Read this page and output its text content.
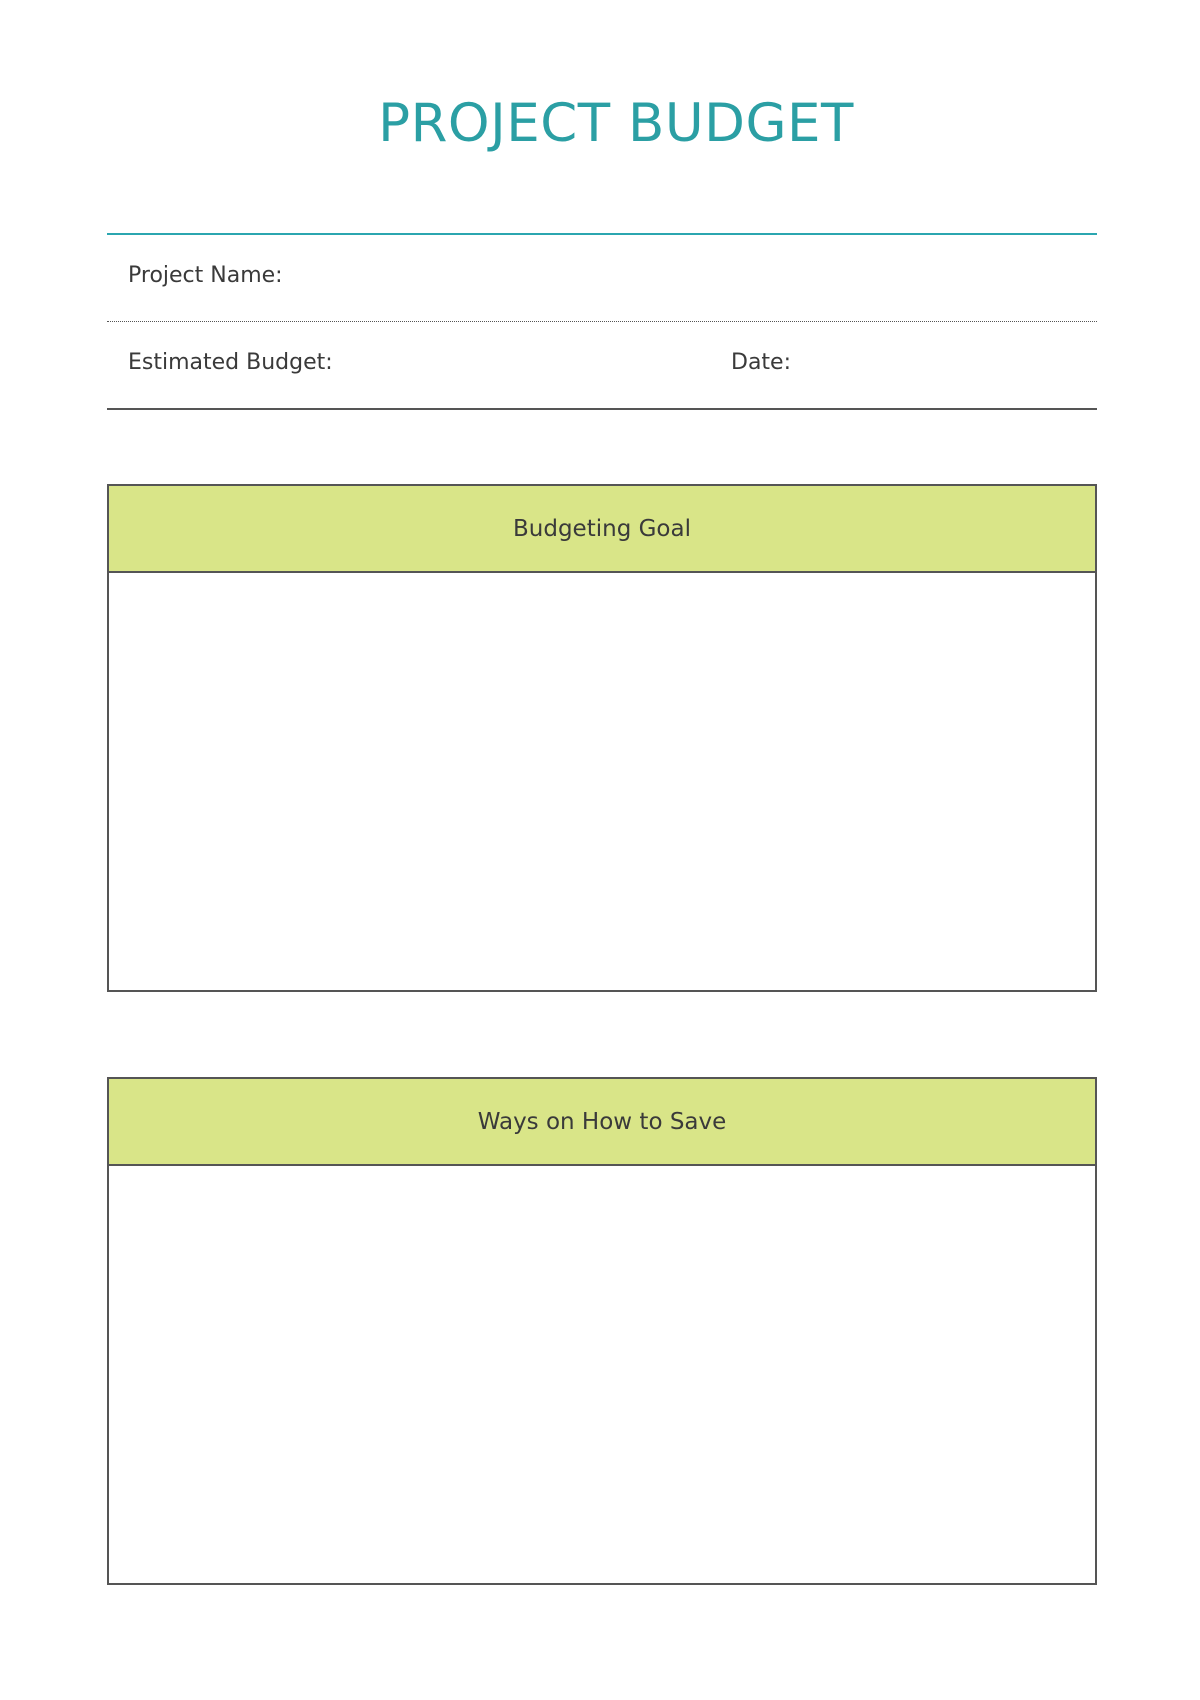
PROJECT BUDGET
Project Name:
Estimated Budget:	Date:
Budgeting Goal
Ways on How to Save
